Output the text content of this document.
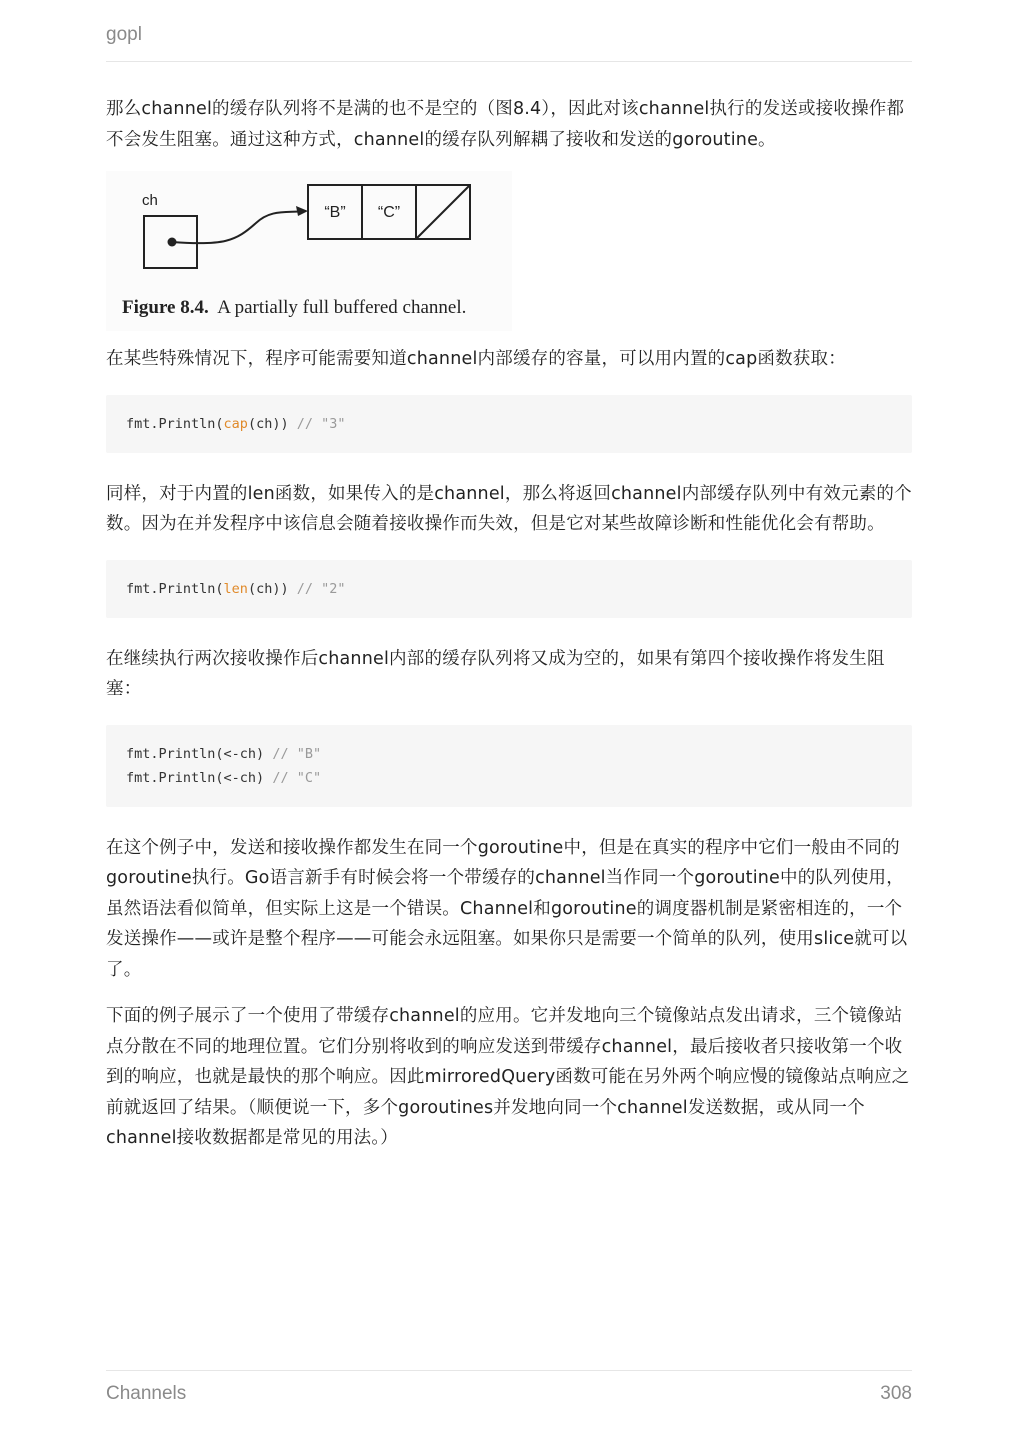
gopl

那么channel的缓存队列将不是满的也不是空的（图8.4），因此对该channel执行的发送或接收操作都不会发生阻塞。通过这种方式，channel的缓存队列解耦了接收和发送的goroutine。

ch
“B” “C”
Figure 8.4. A partially full buffered channel.

在某些特殊情况下，程序可能需要知道channel内部缓存的容量，可以用内置的cap函数获取：

fmt.Println(cap(ch)) // "3"

同样，对于内置的len函数，如果传入的是channel，那么将返回channel内部缓存队列中有效元素的个数。因为在并发程序中该信息会随着接收操作而失效，但是它对某些故障诊断和性能优化会有帮助。

fmt.Println(len(ch)) // "2"

在继续执行两次接收操作后channel内部的缓存队列将又成为空的，如果有第四个接收操作将发生阻塞：

fmt.Println(<-ch) // "B"
fmt.Println(<-ch) // "C"

在这个例子中，发送和接收操作都发生在同一个goroutine中，但是在真实的程序中它们一般由不同的goroutine执行。Go语言新手有时候会将一个带缓存的channel当作同一个goroutine中的队列使用，虽然语法看似简单，但实际上这是一个错误。Channel和goroutine的调度器机制是紧密相连的，一个发送操作——或许是整个程序——可能会永远阻塞。如果你只是需要一个简单的队列，使用slice就可以了。

下面的例子展示了一个使用了带缓存channel的应用。它并发地向三个镜像站点发出请求，三个镜像站点分散在不同的地理位置。它们分别将收到的响应发送到带缓存channel，最后接收者只接收第一个收到的响应，也就是最快的那个响应。因此mirroredQuery函数可能在另外两个响应慢的镜像站点响应之前就返回了结果。（顺便说一下，多个goroutines并发地向同一个channel发送数据，或从同一个channel接收数据都是常见的用法。）

Channels	308
